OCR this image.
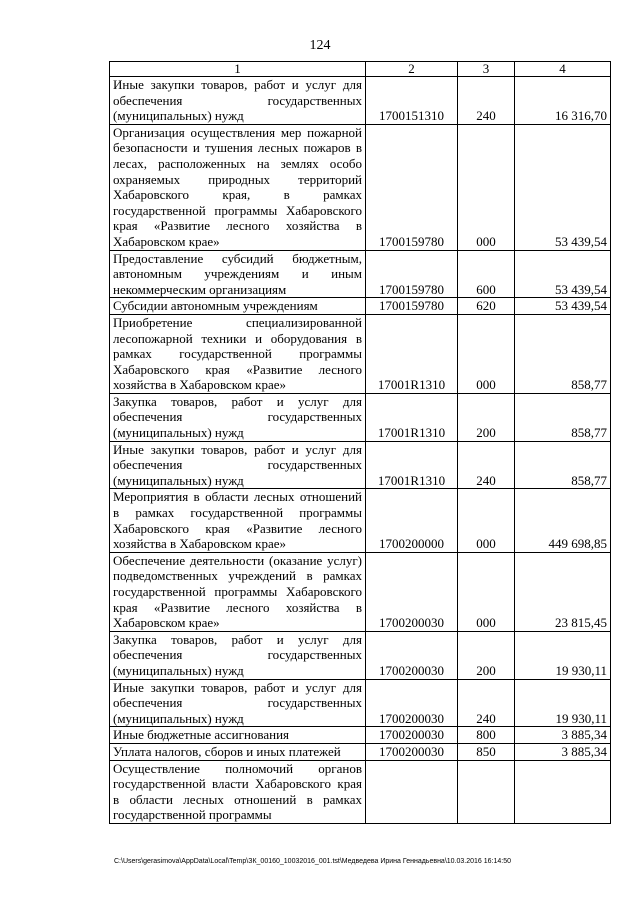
124
1	2	3	4
Иные закупки товаров, работ и услуг для обеспечения государственных (муниципальных) нужд	1700151310	240	16 316,70
Организация осуществления мер пожарной безопасности и тушения лесных пожаров в лесах, расположенных на землях особо охраняемых природных территорий Хабаровского края, в рамках государственной программы Хабаровского края «Развитие лесного хозяйства в Хабаровском крае»	1700159780	000	53 439,54
Предоставление субсидий бюджетным, автономным учреждениям и иным некоммерческим организациям	1700159780	600	53 439,54
Субсидии автономным учреждениям	1700159780	620	53 439,54
Приобретение специализированной лесопожарной техники и оборудования в рамках государственной программы Хабаровского края «Развитие лесного хозяйства в Хабаровском крае»	17001R1310	000	858,77
Закупка товаров, работ и услуг для обеспечения государственных (муниципальных) нужд	17001R1310	200	858,77
Иные закупки товаров, работ и услуг для обеспечения государственных (муниципальных) нужд	17001R1310	240	858,77
Мероприятия в области лесных отношений в рамках государственной программы Хабаровского края «Развитие лесного хозяйства в Хабаровском крае»	1700200000	000	449 698,85
Обеспечение деятельности (оказание услуг) подведомственных учреждений в рамках государственной программы Хабаровского края «Развитие лесного хозяйства в Хабаровском крае»	1700200030	000	23 815,45
Закупка товаров, работ и услуг для обеспечения государственных (муниципальных) нужд	1700200030	200	19 930,11
Иные закупки товаров, работ и услуг для обеспечения государственных (муниципальных) нужд	1700200030	240	19 930,11
Иные бюджетные ассигнования	1700200030	800	3 885,34
Уплата налогов, сборов и иных платежей	1700200030	850	3 885,34
Осуществление полномочий органов государственной власти Хабаровского края в области лесных отношений в рамках государственной программы			
C:\Users\gerasimova\AppData\Local\Temp\ЗК_00160_10032016_001.tst\Медведева Ирина Геннадьевна\10.03.2016 16:14:50
